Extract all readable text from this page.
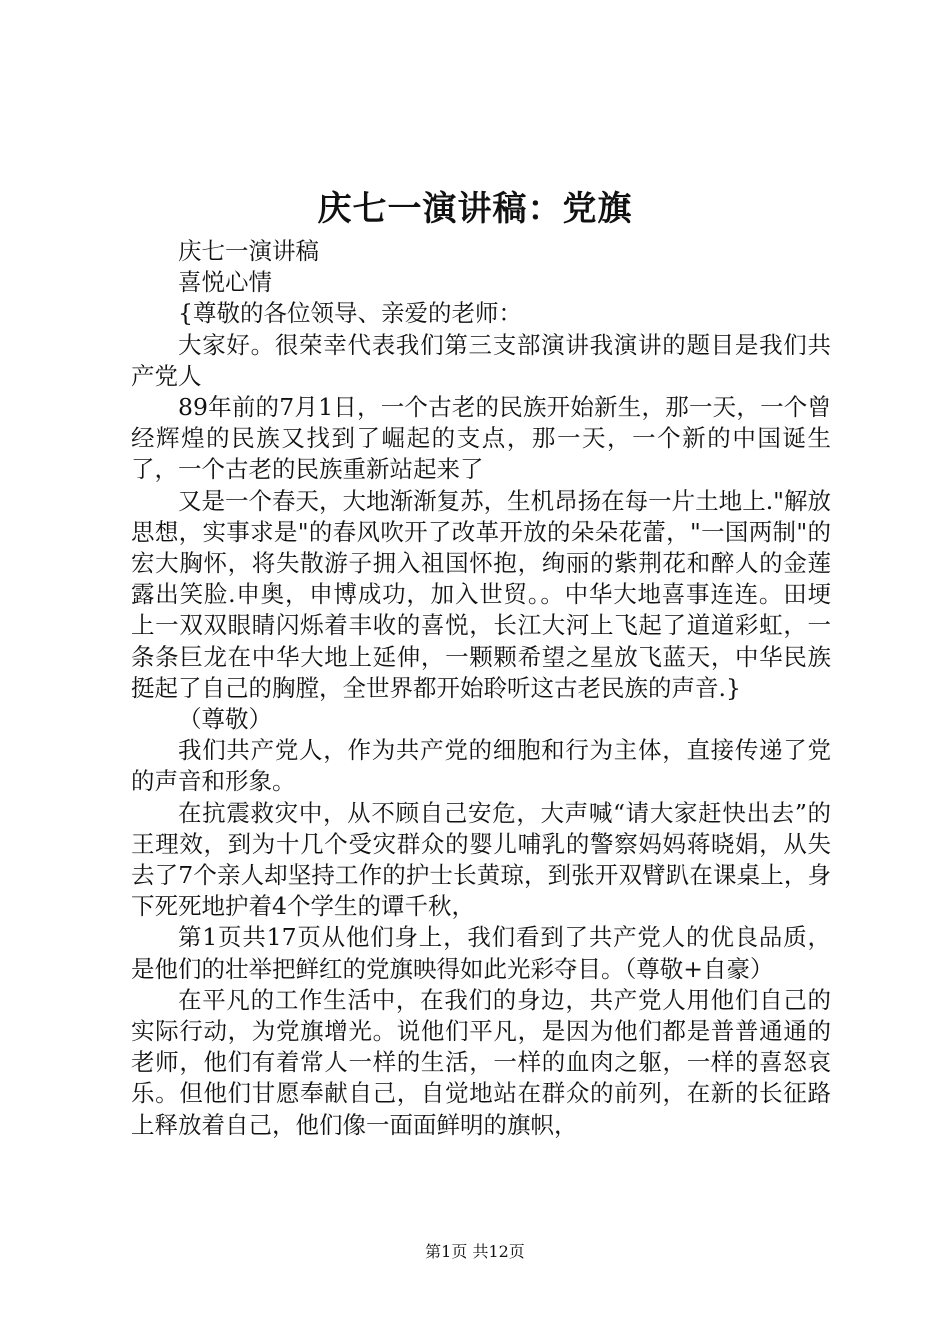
庆七一演讲稿：党旗

庆七一演讲稿

喜悦心情

{尊敬的各位领导、亲爱的老师：

大家好。很荣幸代表我们第三支部演讲我演讲的题目是我们共产党人

89年前的7月1日，一个古老的民族开始新生，那一天，一个曾经辉煌的民族又找到了崛起的支点，那一天，一个新的中国诞生了，一个古老的民族重新站起来了

又是一个春天，大地渐渐复苏，生机昂扬在每一片土地上."解放思想，实事求是"的春风吹开了改革开放的朵朵花蕾，"一国两制"的宏大胸怀，将失散游子拥入祖国怀抱，绚丽的紫荆花和醉人的金莲露出笑脸.申奥，申博成功，加入世贸。。中华大地喜事连连。田埂上一双双眼睛闪烁着丰收的喜悦，长江大河上飞起了道道彩虹，一条条巨龙在中华大地上延伸，一颗颗希望之星放飞蓝天，中华民族挺起了自己的胸膛，全世界都开始聆听这古老民族的声音.}

（尊敬）

我们共产党人，作为共产党的细胞和行为主体，直接传递了党的声音和形象。

在抗震救灾中，从不顾自己安危，大声喊“请大家赶快出去”的王理效，到为十几个受灾群众的婴儿哺乳的警察妈妈蒋晓娟，从失去了7个亲人却坚持工作的护士长黄琼，到张开双臂趴在课桌上，身下死死地护着4个学生的谭千秋，

第1页共17页从他们身上，我们看到了共产党人的优良品质，是他们的壮举把鲜红的党旗映得如此光彩夺目。（尊敬+自豪）

在平凡的工作生活中，在我们的身边，共产党人用他们自己的实际行动，为党旗增光。说他们平凡，是因为他们都是普普通通的老师，他们有着常人一样的生活，一样的血肉之躯，一样的喜怒哀乐。但他们甘愿奉献自己，自觉地站在群众的前列，在新的长征路上释放着自己，他们像一面面鲜明的旗帜，

第1页 共12页
